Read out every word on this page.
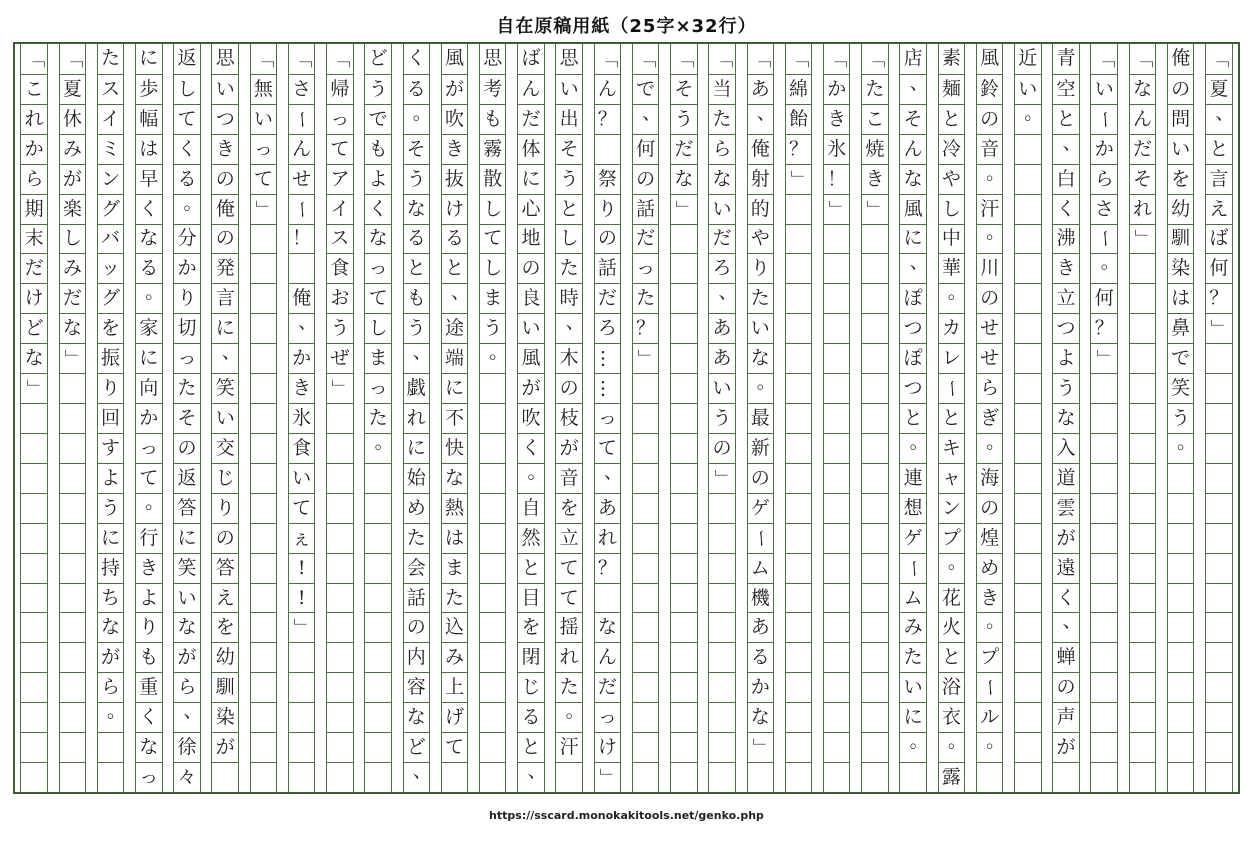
自在原稿用紙（25字×32行）
「
夏
、
と
言
え
ば
何
？
」
俺
の
問
い
を
幼
馴
染
は
鼻
で
笑
う
。
「
な
ん
だ
そ
れ
」
「
い
ー
か
ら
さ
ー
。
何
？
」
青
空
と
、
白
く
沸
き
立
つ
よ
う
な
入
道
雲
が
遠
く
、
蝉
の
声
が
近
い
。
風
鈴
の
音
。
汗
。
川
の
せ
せ
ら
ぎ
。
海
の
煌
め
き
。
プ
ー
ル
。
素
麺
と
冷
や
し
中
華
。
カ
レ
ー
と
キ
ャ
ン
プ
。
花
火
と
浴
衣
。
露
店
、
そ
ん
な
風
に
、
ぽ
つ
ぽ
つ
と
。
連
想
ゲ
ー
ム
み
た
い
に
。
「
た
こ
焼
き
」
「
か
き
氷
！
」
「
綿
飴
？
」
「
あ
、
俺
射
的
や
り
た
い
な
。
最
新
の
ゲ
ー
ム
機
あ
る
か
な
」
「
当
た
ら
な
い
だ
ろ
、
あ
あ
い
う
の
」
「
そ
う
だ
な
」
「
で
、
何
の
話
だ
っ
た
？
」
「
ん
？

祭
り
の
話
だ
ろ
…
…
っ
て
、
あ
れ
？

な
ん
だ
っ
け
」
思
い
出
そ
う
と
し
た
時
、
木
の
枝
が
音
を
立
て
て
揺
れ
た
。
汗
ば
ん
だ
体
に
心
地
の
良
い
風
が
吹
く
。
自
然
と
目
を
閉
じ
る
と
、
思
考
も
霧
散
し
て
し
ま
う
。
風
が
吹
き
抜
け
る
と
、
途
端
に
不
快
な
熱
は
ま
た
込
み
上
げ
て
く
る
。
そ
う
な
る
と
も
う
、
戯
れ
に
始
め
た
会
話
の
内
容
な
ど
、
ど
う
で
も
よ
く
な
っ
て
し
ま
っ
た
。
「
帰
っ
て
ア
イ
ス
食
お
う
ぜ
」
「
さ
ー
ん
せ
ー
！

俺
、
か
き
氷
食
い
て
ぇ
!
!
」
「
無
い
っ
て
」
思
い
つ
き
の
俺
の
発
言
に
、
笑
い
交
じ
り
の
答
え
を
幼
馴
染
が
返
し
て
く
る
。
分
か
り
切
っ
た
そ
の
返
答
に
笑
い
な
が
ら
、
徐
々
に
歩
幅
は
早
く
な
る
。
家
に
向
か
っ
て
。
行
き
よ
り
も
重
く
な
っ
た
ス
イ
ミ
ン
グ
バ
ッ
グ
を
振
り
回
す
よ
う
に
持
ち
な
が
ら
。
「
夏
休
み
が
楽
し
み
だ
な
」
「
こ
れ
か
ら
期
末
だ
け
ど
な
」
https://sscard.monokakitools.net/genko.php
